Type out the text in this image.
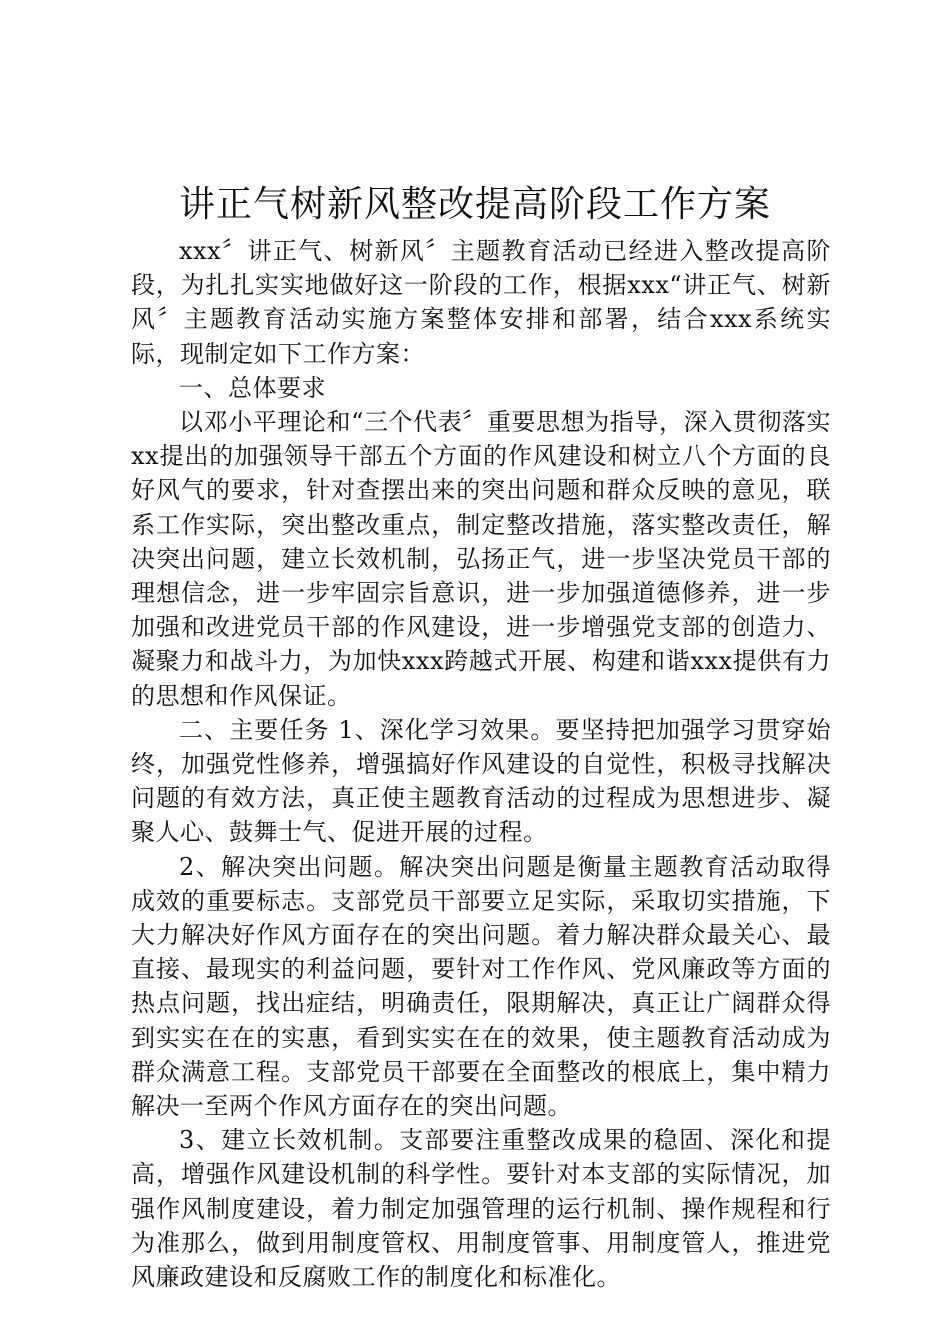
讲正气树新风整改提高阶段工作方案

xxx〞讲正气、树新风〞主题教育活动已经进入整改提高阶段，为扎扎实实地做好这一阶段的工作，根据xxx“讲正气、树新风〞主题教育活动实施方案整体安排和部署，结合xxx系统实际，现制定如下工作方案：

一、总体要求

以邓小平理论和“三个代表〞重要思想为指导，深入贯彻落实xx提出的加强领导干部五个方面的作风建设和树立八个方面的良好风气的要求，针对查摆出来的突出问题和群众反映的意见，联系工作实际，突出整改重点，制定整改措施，落实整改责任，解决突出问题，建立长效机制，弘扬正气，进一步坚决党员干部的理想信念，进一步牢固宗旨意识，进一步加强道德修养，进一步加强和改进党员干部的作风建设，进一步增强党支部的创造力、凝聚力和战斗力，为加快xxx跨越式开展、构建和谐xxx提供有力的思想和作风保证。

二、主要任务 1、深化学习效果。要坚持把加强学习贯穿始终，加强党性修养，增强搞好作风建设的自觉性，积极寻找解决问题的有效方法，真正使主题教育活动的过程成为思想进步、凝聚人心、鼓舞士气、促进开展的过程。

2、解决突出问题。解决突出问题是衡量主题教育活动取得成效的重要标志。支部党员干部要立足实际，采取切实措施，下大力解决好作风方面存在的突出问题。着力解决群众最关心、最直接、最现实的利益问题，要针对工作作风、党风廉政等方面的热点问题，找出症结，明确责任，限期解决，真正让广阔群众得到实实在在的实惠，看到实实在在的效果，使主题教育活动成为群众满意工程。支部党员干部要在全面整改的根底上，集中精力解决一至两个作风方面存在的突出问题。

3、建立长效机制。支部要注重整改成果的稳固、深化和提高，增强作风建设机制的科学性。要针对本支部的实际情况，加强作风制度建设，着力制定加强管理的运行机制、操作规程和行为准那么，做到用制度管权、用制度管事、用制度管人，推进党风廉政建设和反腐败工作的制度化和标准化。
